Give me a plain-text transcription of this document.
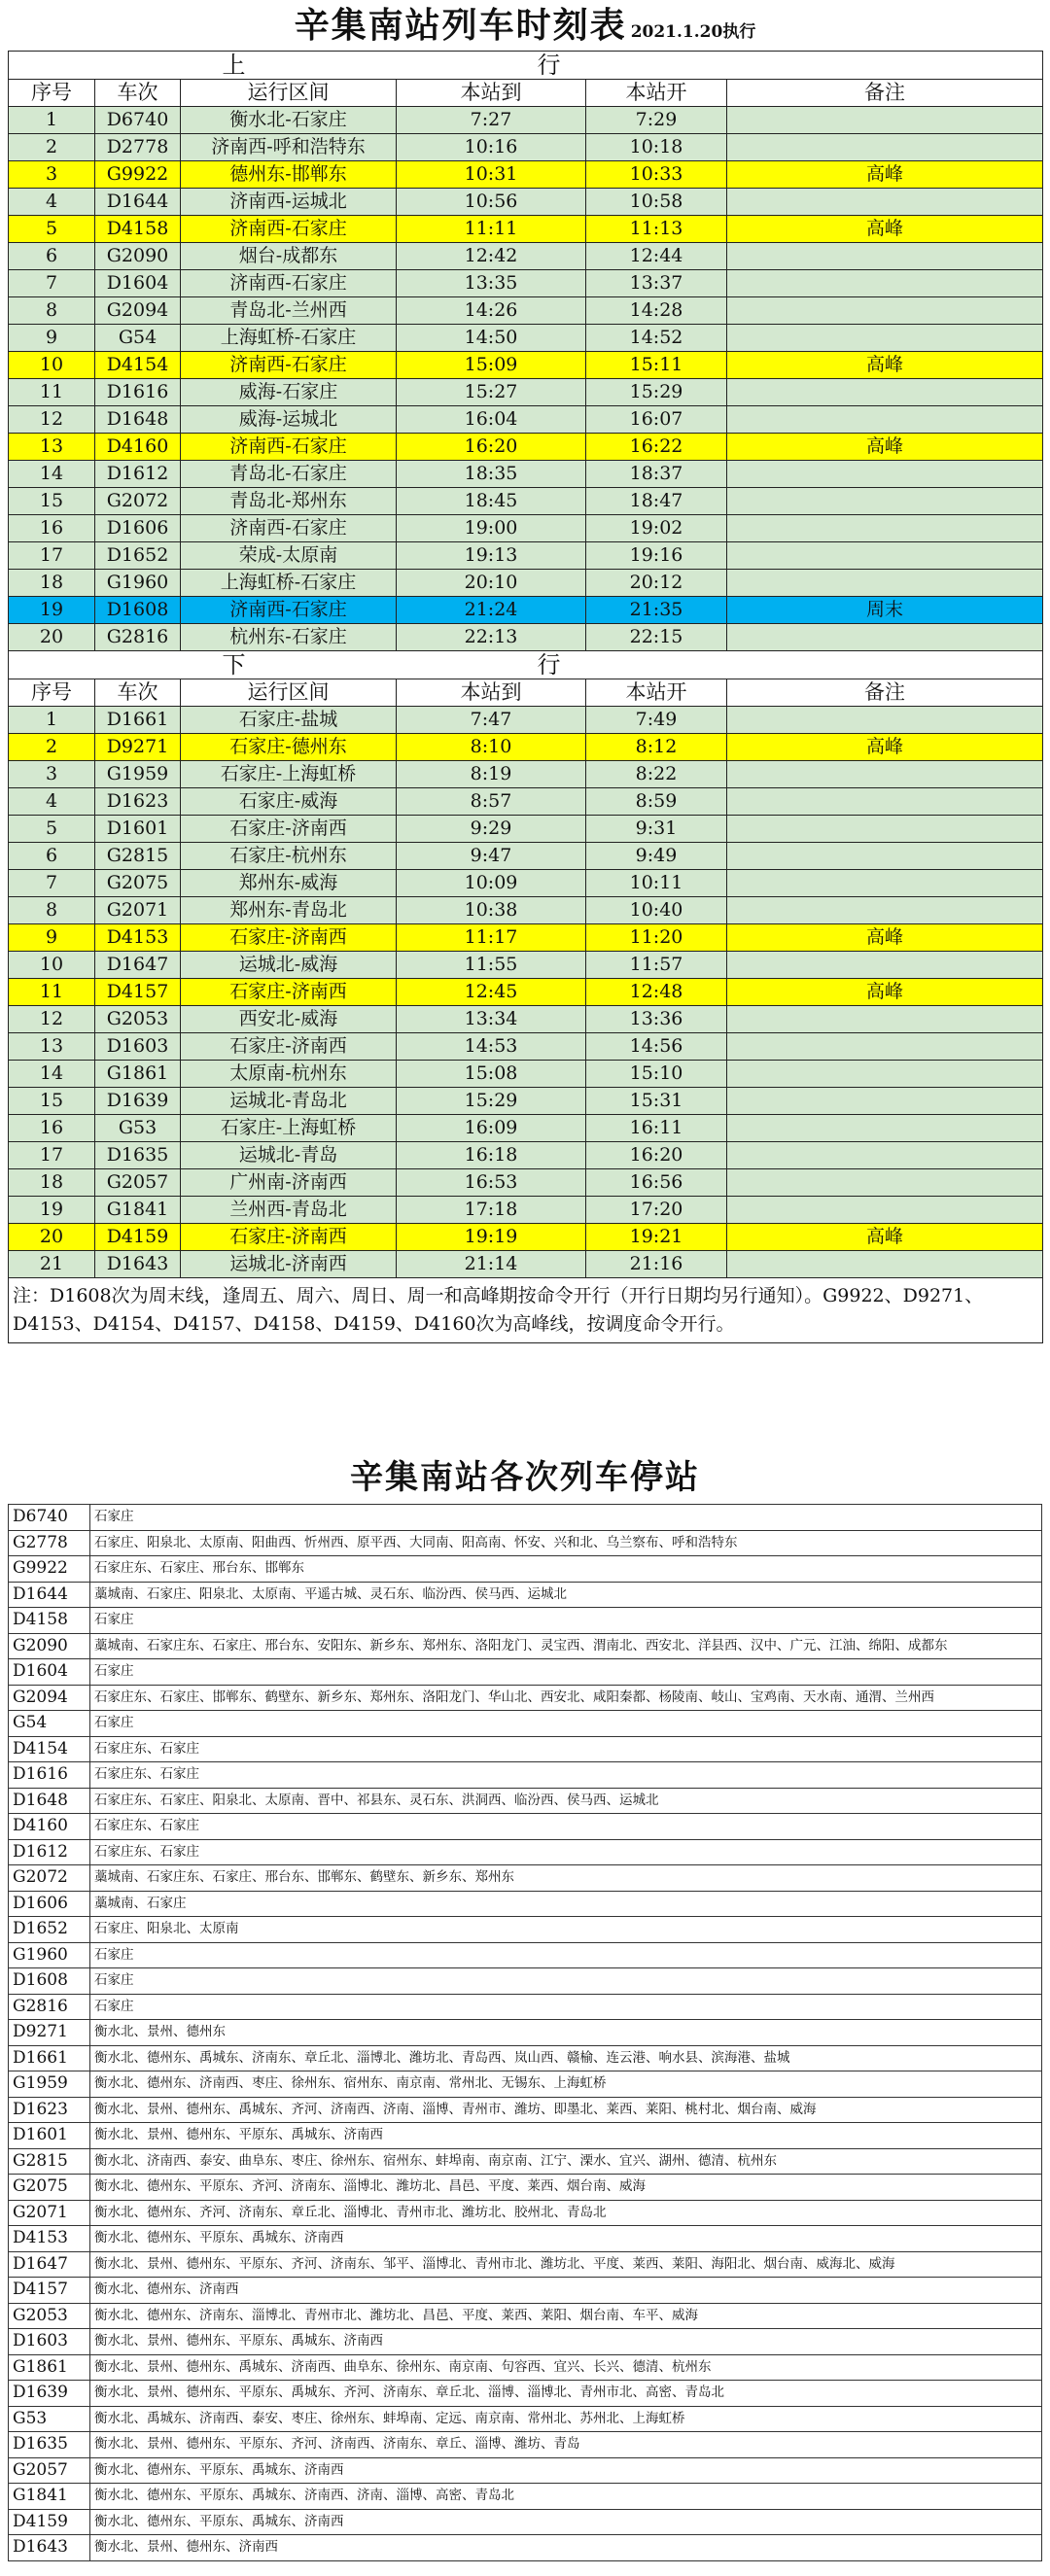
辛集南站列车时刻表 2021.1.20执行
上			行		
序号	车次	运行区间	本站到	本站开	备注
1	D6740	衡水北-石家庄	7:27	7:29	
2	D2778	济南西-呼和浩特东	10:16	10:18	
3	G9922	德州东-邯郸东	10:31	10:33	高峰
4	D1644	济南西-运城北	10:56	10:58	
5	D4158	济南西-石家庄	11:11	11:13	高峰
6	G2090	烟台-成都东	12:42	12:44	
7	D1604	济南西-石家庄	13:35	13:37	
8	G2094	青岛北-兰州西	14:26	14:28	
9	G54	上海虹桥-石家庄	14:50	14:52	
10	D4154	济南西-石家庄	15:09	15:11	高峰
11	D1616	威海-石家庄	15:27	15:29	
12	D1648	威海-运城北	16:04	16:07	
13	D4160	济南西-石家庄	16:20	16:22	高峰
14	D1612	青岛北-石家庄	18:35	18:37	
15	G2072	青岛北-郑州东	18:45	18:47	
16	D1606	济南西-石家庄	19:00	19:02	
17	D1652	荣成-太原南	19:13	19:16	
18	G1960	上海虹桥-石家庄	20:10	20:12	
19	D1608	济南西-石家庄	21:24	21:35	周末
20	G2816	杭州东-石家庄	22:13	22:15	
下			行		
序号	车次	运行区间	本站到	本站开	备注
1	D1661	石家庄-盐城	7:47	7:49	
2	D9271	石家庄-德州东	8:10	8:12	高峰
3	G1959	石家庄-上海虹桥	8:19	8:22	
4	D1623	石家庄-威海	8:57	8:59	
5	D1601	石家庄-济南西	9:29	9:31	
6	G2815	石家庄-杭州东	9:47	9:49	
7	G2075	郑州东-威海	10:09	10:11	
8	G2071	郑州东-青岛北	10:38	10:40	
9	D4153	石家庄-济南西	11:17	11:20	高峰
10	D1647	运城北-威海	11:55	11:57	
11	D4157	石家庄-济南西	12:45	12:48	高峰
12	G2053	西安北-威海	13:34	13:36	
13	D1603	石家庄-济南西	14:53	14:56	
14	G1861	太原南-杭州东	15:08	15:10	
15	D1639	运城北-青岛北	15:29	15:31	
16	G53	石家庄-上海虹桥	16:09	16:11	
17	D1635	运城北-青岛	16:18	16:20	
18	G2057	广州南-济南西	16:53	16:56	
19	G1841	兰州西-青岛北	17:18	17:20	
20	D4159	石家庄-济南西	19:19	19:21	高峰
21	D1643	运城北-济南西	21:14	21:16	
注：D1608次为周末线，逢周五、周六、周日、周一和高峰期按命令开行（开行日期均另行通知）。G9922、D9271、D4153、D4154、D4157、D4158、D4159、D4160次为高峰线，按调度命令开行。					
辛集南站各次列车停站
D6740	石家庄
G2778	石家庄、阳泉北、太原南、阳曲西、忻州西、原平西、大同南、阳高南、怀安、兴和北、乌兰察布、呼和浩特东
G9922	石家庄东、石家庄、邢台东、邯郸东
D1644	藁城南、石家庄、阳泉北、太原南、平遥古城、灵石东、临汾西、侯马西、运城北
D4158	石家庄
G2090	藁城南、石家庄东、石家庄、邢台东、安阳东、新乡东、郑州东、洛阳龙门、灵宝西、渭南北、西安北、洋县西、汉中、广元、江油、绵阳、成都东
D1604	石家庄
G2094	石家庄东、石家庄、邯郸东、鹤壁东、新乡东、郑州东、洛阳龙门、华山北、西安北、咸阳秦都、杨陵南、岐山、宝鸡南、天水南、通渭、兰州西
G54	石家庄
D4154	石家庄东、石家庄
D1616	石家庄东、石家庄
D1648	石家庄东、石家庄、阳泉北、太原南、晋中、祁县东、灵石东、洪洞西、临汾西、侯马西、运城北
D4160	石家庄东、石家庄
D1612	石家庄东、石家庄
G2072	藁城南、石家庄东、石家庄、邢台东、邯郸东、鹤壁东、新乡东、郑州东
D1606	藁城南、石家庄
D1652	石家庄、阳泉北、太原南
G1960	石家庄
D1608	石家庄
G2816	石家庄
D9271	衡水北、景州、德州东
D1661	衡水北、德州东、禹城东、济南东、章丘北、淄博北、潍坊北、青岛西、岚山西、赣榆、连云港、响水县、滨海港、盐城
G1959	衡水北、德州东、济南西、枣庄、徐州东、宿州东、南京南、常州北、无锡东、上海虹桥
D1623	衡水北、景州、德州东、禹城东、齐河、济南西、济南、淄博、青州市、潍坊、即墨北、莱西、莱阳、桃村北、烟台南、威海
D1601	衡水北、景州、德州东、平原东、禹城东、济南西
G2815	衡水北、济南西、泰安、曲阜东、枣庄、徐州东、宿州东、蚌埠南、南京南、江宁、溧水、宜兴、湖州、德清、杭州东
G2075	衡水北、德州东、平原东、齐河、济南东、淄博北、潍坊北、昌邑、平度、莱西、烟台南、威海
G2071	衡水北、德州东、齐河、济南东、章丘北、淄博北、青州市北、潍坊北、胶州北、青岛北
D4153	衡水北、德州东、平原东、禹城东、济南西
D1647	衡水北、景州、德州东、平原东、齐河、济南东、邹平、淄博北、青州市北、潍坊北、平度、莱西、莱阳、海阳北、烟台南、威海北、威海
D4157	衡水北、德州东、济南西
G2053	衡水北、德州东、济南东、淄博北、青州市北、潍坊北、昌邑、平度、莱西、莱阳、烟台南、车平、威海
D1603	衡水北、景州、德州东、平原东、禹城东、济南西
G1861	衡水北、景州、德州东、禹城东、济南西、曲阜东、徐州东、南京南、句容西、宜兴、长兴、德清、杭州东
D1639	衡水北、景州、德州东、平原东、禹城东、齐河、济南东、章丘北、淄博、淄博北、青州市北、高密、青岛北
G53	衡水北、禹城东、济南西、泰安、枣庄、徐州东、蚌埠南、定远、南京南、常州北、苏州北、上海虹桥
D1635	衡水北、景州、德州东、平原东、齐河、济南西、济南东、章丘、淄博、潍坊、青岛
G2057	衡水北、德州东、平原东、禹城东、济南西
G1841	衡水北、德州东、平原东、禹城东、济南西、济南、淄博、高密、青岛北
D4159	衡水北、德州东、平原东、禹城东、济南西
D1643	衡水北、景州、德州东、济南西
